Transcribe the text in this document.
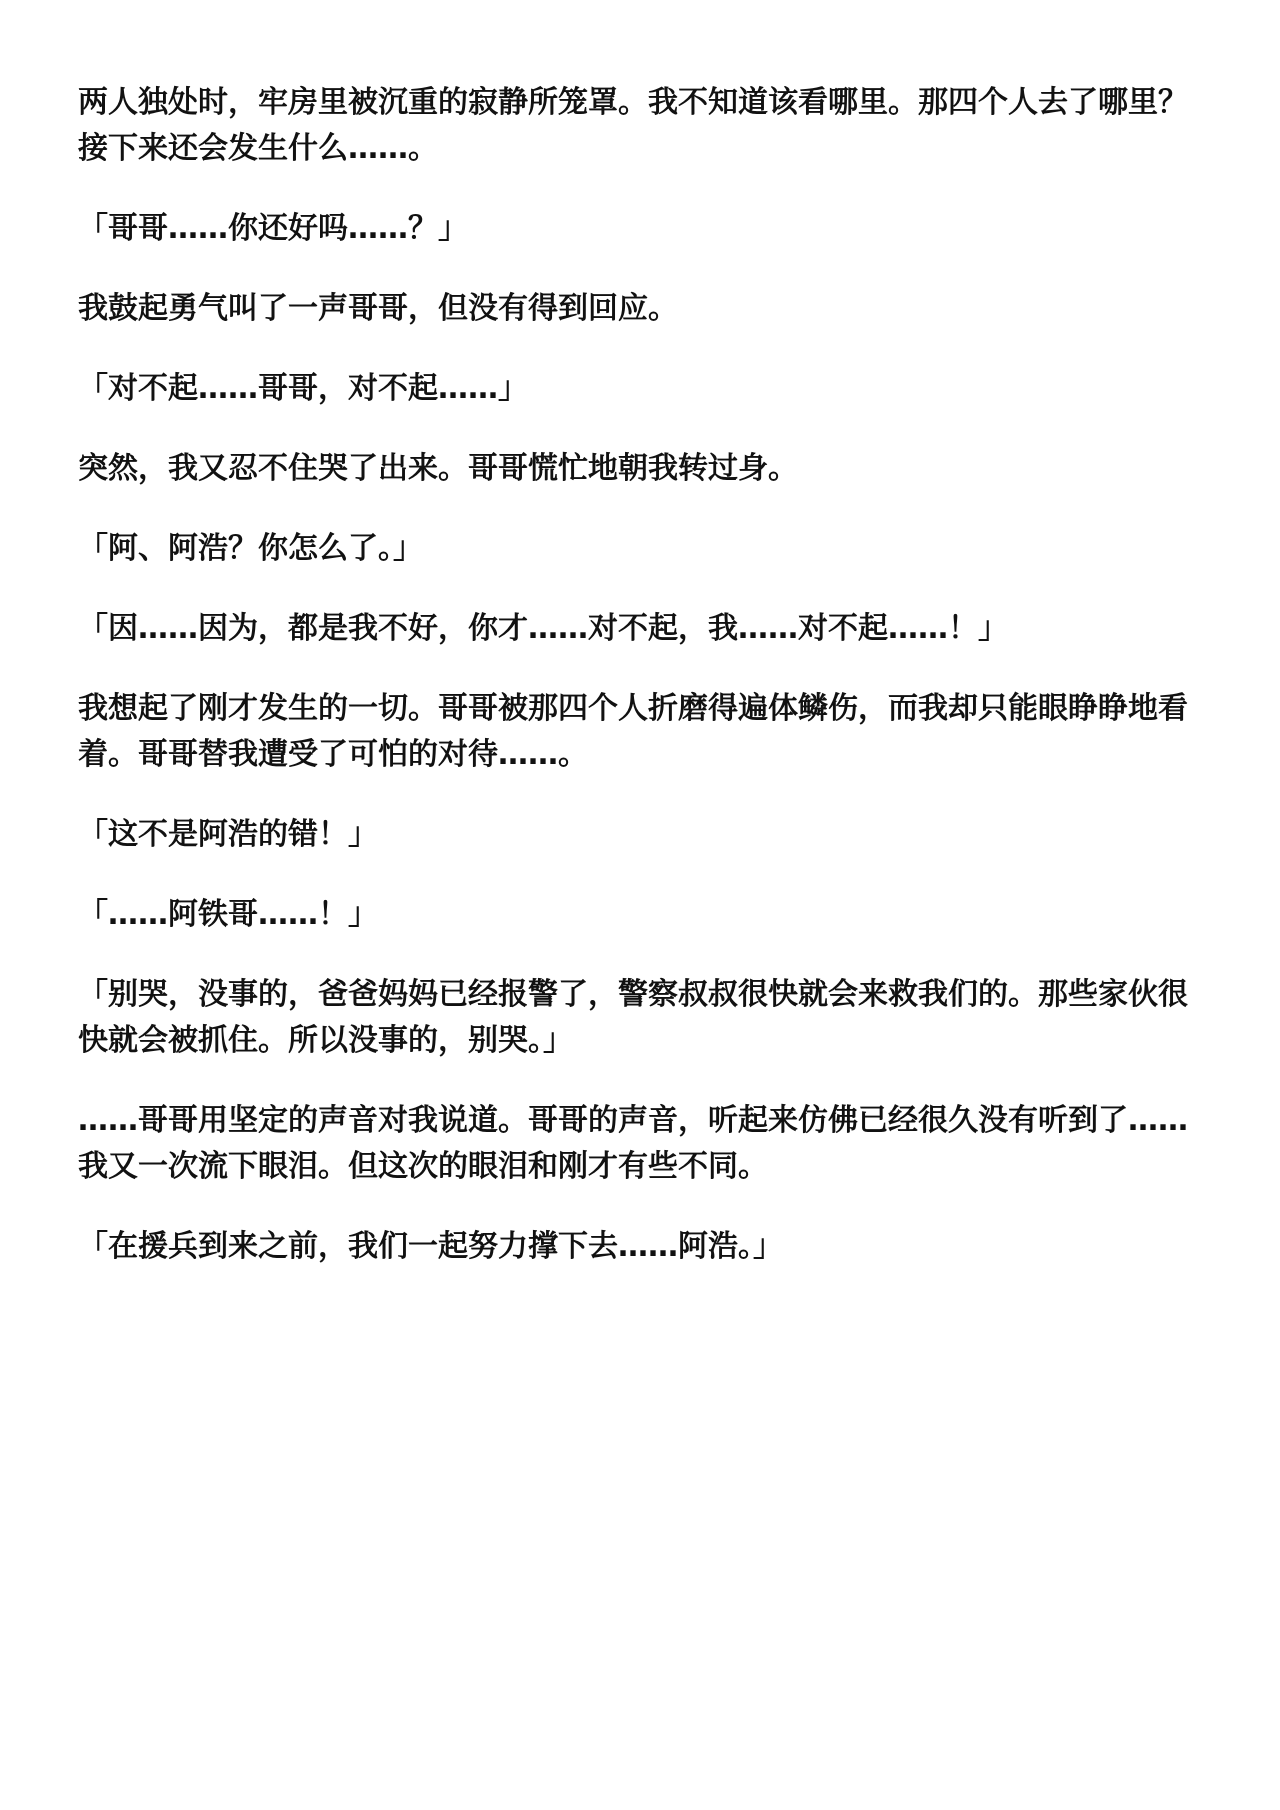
两人独处时，牢房里被沉重的寂静所笼罩。我不知道该看哪里。那四个人去了哪里？接下来还会发生什么……。

「哥哥……你还好吗……？」

我鼓起勇气叫了一声哥哥，但没有得到回应。

「对不起……哥哥，对不起……」

突然，我又忍不住哭了出来。哥哥慌忙地朝我转过身。

「阿、阿浩？你怎么了。」

「因……因为，都是我不好，你才……对不起，我……对不起……！」

我想起了刚才发生的一切。哥哥被那四个人折磨得遍体鳞伤，而我却只能眼睁睁地看着。哥哥替我遭受了可怕的对待……。

「这不是阿浩的错！」

「……阿铁哥……！」

「别哭，没事的，爸爸妈妈已经报警了，警察叔叔很快就会来救我们的。那些家伙很快就会被抓住。所以没事的，别哭。」

……哥哥用坚定的声音对我说道。哥哥的声音，听起来仿佛已经很久没有听到了……我又一次流下眼泪。但这次的眼泪和刚才有些不同。

「在援兵到来之前，我们一起努力撑下去……阿浩。」
